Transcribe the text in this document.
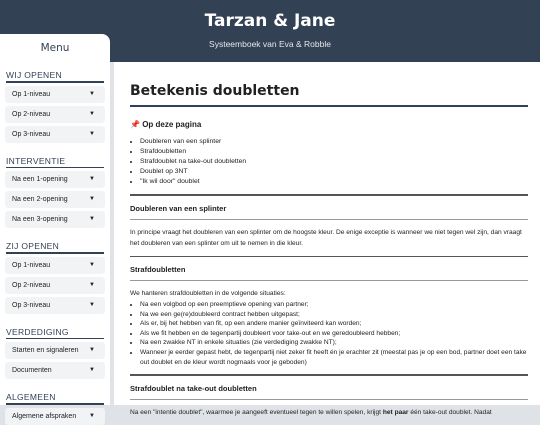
Tarzan & Jane
Systeemboek van Eva & Robble
Menu
WIJ OPENEN
Op 1-niveau	▼
Op 2-niveau	▼
Op 3-niveau	▼
INTERVENTIE
Na een 1-opening	▼
Na een 2-opening	▼
Na een 3-opening	▼
ZIJ OPENEN
Op 1-niveau	▼
Op 2-niveau	▼
Op 3-niveau	▼
VERDEDIGING
Starten en signaleren ▼
Documenten	▼
ALGEMEEN
Algemene afspraken ▼
Betekenis doubletten
📌 Op deze pagina
• Doubleren van een splinter
• Strafdoubletten
• Strafdoublet na take-out doubletten
• Doublet op 3NT
• "Ik wil door" doublet
Doubleren van een splinter

In principe vraagt het doubleren van een splinter om de hoogste kleur. De enige exceptie is wanneer we niet tegen wel zijn, dan vraagt het doubleren van een splinter om uit te nemen in die kleur.

Strafdoubletten

We hanteren strafdoubletten in de volgende situaties:

• Na een volgbod op een preemptieve opening van partner;
• Na we een ge(re)doubleerd contract hebben uitgepast;
• Als er, bij het hebben van fit, op een andere manier geïnviteerd kan worden;
• Als we fit hebben en de tegenpartij doubleert voor take-out en we geredoubleerd hebben;
• Na een zwakke NT in enkele situaties (zie verdediging zwakke NT);
• Wanneer je eerder gepast hebt, de tegenpartij niet zeker fit heeft én je erachter zit (meestal pas je op een bod, partner doet een take out doublet en de kleur wordt nogmaals voor je geboden)
Strafdoublet na take-out doubletten

Na een "intentie doublet", waarmee je aangeeft eventueel tegen te willen spelen, krijgt het paar één take-out doublet. Nadat
